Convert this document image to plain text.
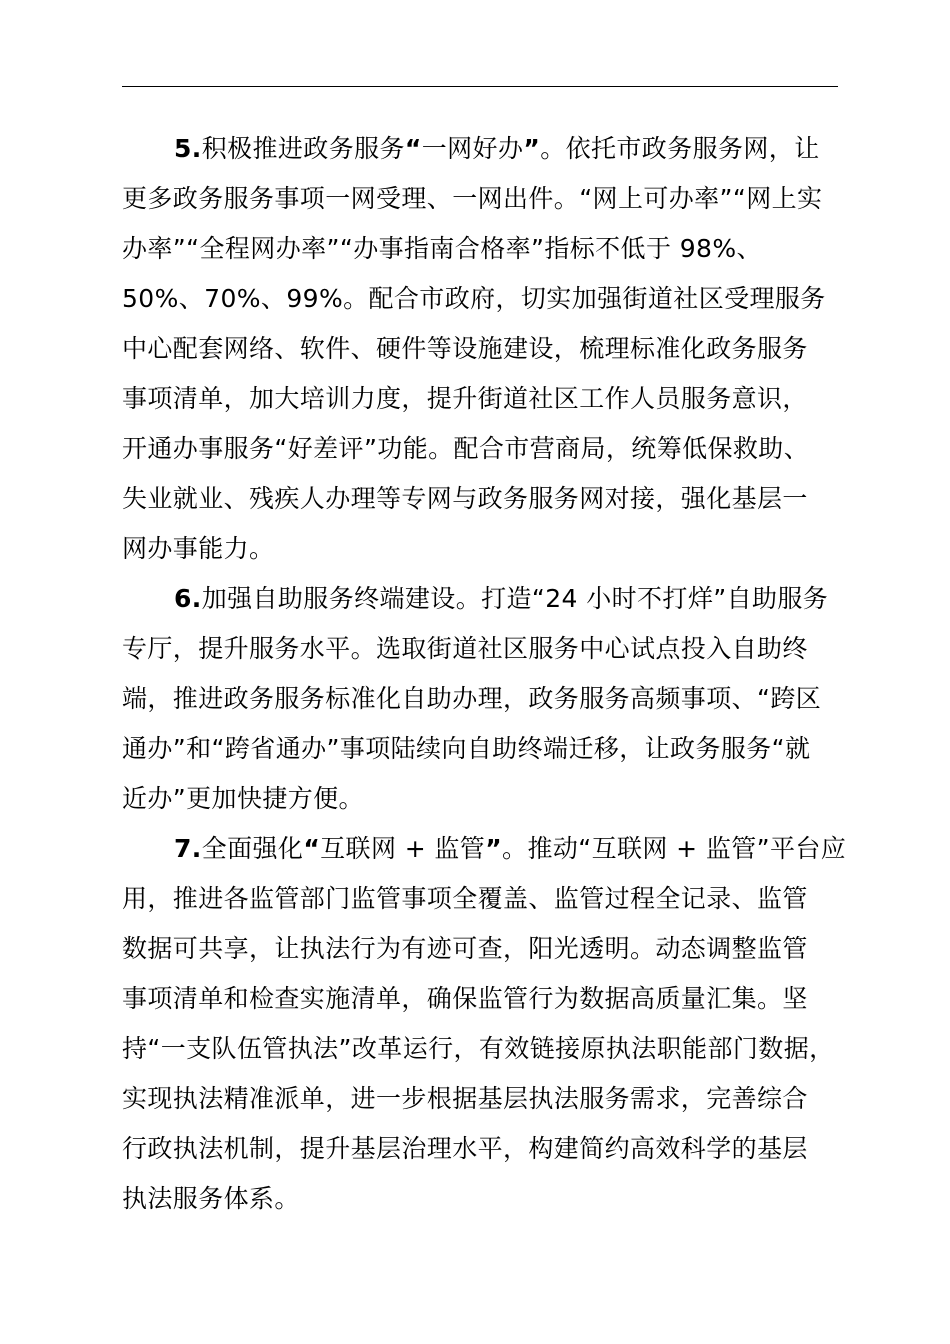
5.积极推进政务服务“一网好办”。依托市政务服务网，让
更多政务服务事项一网受理、一网出件。“网上可办率”“网上实
办率”“全程网办率”“办事指南合格率”指标不低于 98%、
50%、70%、99%。配合市政府，切实加强街道社区受理服务
中心配套网络、软件、硬件等设施建设，梳理标准化政务服务
事项清单，加大培训力度，提升街道社区工作人员服务意识，
开通办事服务“好差评”功能。配合市营商局，统筹低保救助、
失业就业、残疾人办理等专网与政务服务网对接，强化基层一
网办事能力。
6.加强自助服务终端建设。打造“24 小时不打烊”自助服务
专厅，提升服务水平。选取街道社区服务中心试点投入自助终
端，推进政务服务标准化自助办理，政务服务高频事项、“跨区
通办”和“跨省通办”事项陆续向自助终端迁移，让政务服务“就
近办”更加快捷方便。
7.全面强化“互联网 + 监管”。推动“互联网 + 监管”平台应
用，推进各监管部门监管事项全覆盖、监管过程全记录、监管
数据可共享，让执法行为有迹可查，阳光透明。动态调整监管
事项清单和检查实施清单，确保监管行为数据高质量汇集。坚
持“一支队伍管执法”改革运行，有效链接原执法职能部门数据，
实现执法精准派单，进一步根据基层执法服务需求，完善综合
行政执法机制，提升基层治理水平，构建简约高效科学的基层
执法服务体系。
